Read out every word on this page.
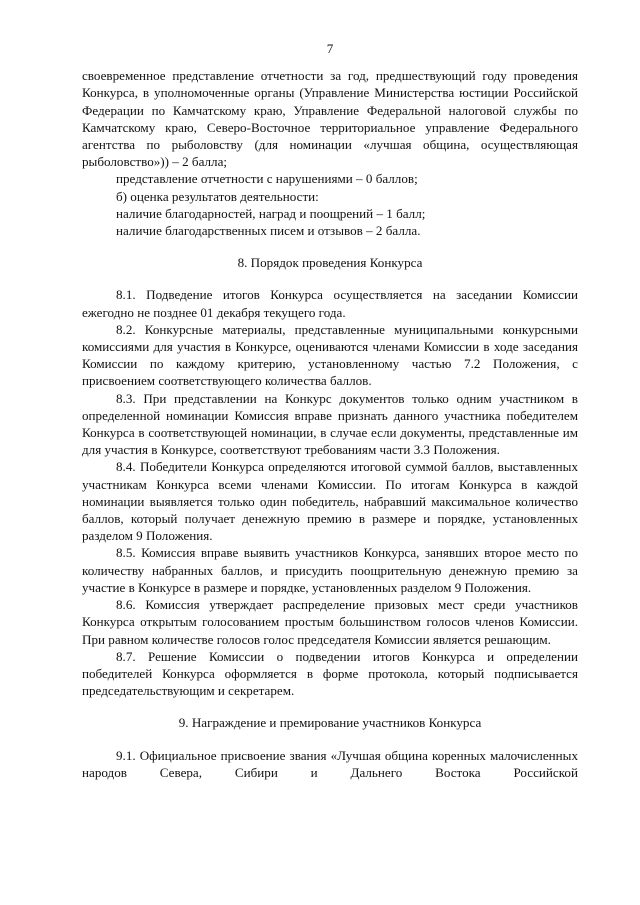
7

своевременное представление отчетности за год, предшествующий году проведения Конкурса, в уполномоченные органы (Управление Министерства юстиции Российской Федерации по Камчатскому краю, Управление Федеральной налоговой службы по Камчатскому краю, Северо-Восточное территориальное управление Федерального агентства по рыболовству (для номинации «лучшая община, осуществляющая рыболовство»)) – 2 балла;

представление отчетности с нарушениями – 0 баллов;

б) оценка результатов деятельности:

наличие благодарностей, наград и поощрений – 1 балл;

наличие благодарственных писем и отзывов – 2 балла.

8. Порядок проведения Конкурса

8.1. Подведение итогов Конкурса осуществляется на заседании Комиссии ежегодно не позднее 01 декабря текущего года.

8.2. Конкурсные материалы, представленные муниципальными конкурсными комиссиями для участия в Конкурсе, оцениваются членами Комиссии в ходе заседания Комиссии по каждому критерию, установленному частью 7.2 Положения, с присвоением соответствующего количества баллов.

8.3. При представлении на Конкурс документов только одним участником в определенной номинации Комиссия вправе признать данного участника победителем Конкурса в соответствующей номинации, в случае если документы, представленные им для участия в Конкурсе, соответствуют требованиям части 3.3 Положения.

8.4. Победители Конкурса определяются итоговой суммой баллов, выставленных участникам Конкурса всеми членами Комиссии. По итогам Конкурса в каждой номинации выявляется только один победитель, набравший максимальное количество баллов, который получает денежную премию в размере и порядке, установленных разделом 9 Положения.

8.5. Комиссия вправе выявить участников Конкурса, занявших второе место по количеству набранных баллов, и присудить поощрительную денежную премию за участие в Конкурсе в размере и порядке, установленных разделом 9 Положения.

8.6. Комиссия утверждает распределение призовых мест среди участников Конкурса открытым голосованием простым большинством голосов членов Комиссии. При равном количестве голосов голос председателя Комиссии является решающим.

8.7. Решение Комиссии о подведении итогов Конкурса и определении победителей Конкурса оформляется в форме протокола, который подписывается председательствующим и секретарем.

9. Награждение и премирование участников Конкурса

9.1. Официальное присвоение звания «Лучшая община коренных малочисленных народов Севера, Сибири и Дальнего Востока Российской
